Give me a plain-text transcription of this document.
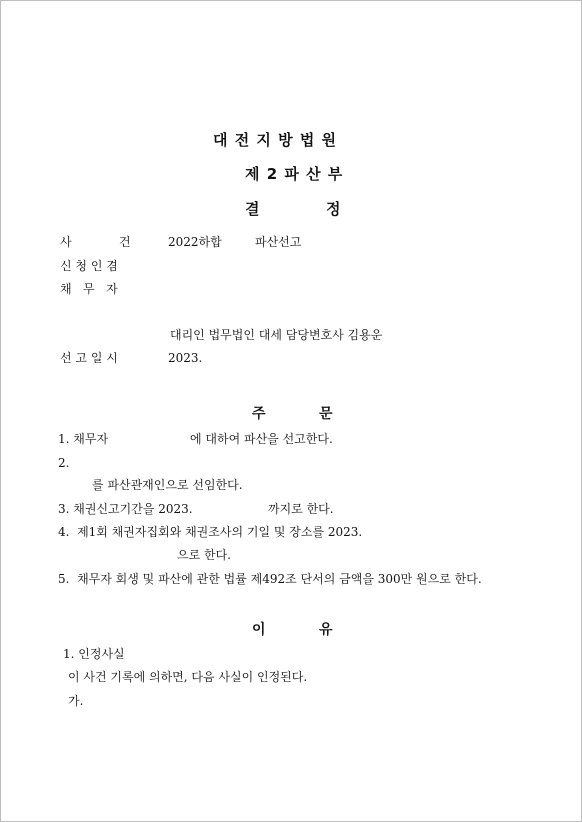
대 전 지 방 법 원
제 2 파 산 부
결	정
사	건	2022하합	파산선고
신 청 인 겸
채   무   자
대리인 법무법인 대세 담당변호사 김용운
선 고 일 시	2023.
주	문
1. 채무자	에 대하여 파산을 선고한다.
2.
를 파산관재인으로 선임한다.
3. 채권신고기간을 2023.	까지로 한다.
4.  제1회 채권자집회와 채권조사의 기일 및 장소를 2023.
으로 한다.
5.  채무자 회생 및 파산에 관한 법률 제492조 단서의 금액을 300만 원으로 한다.
이	유
1. 인정사실
이 사건 기록에 의하면, 다음 사실이 인정된다.
가.
